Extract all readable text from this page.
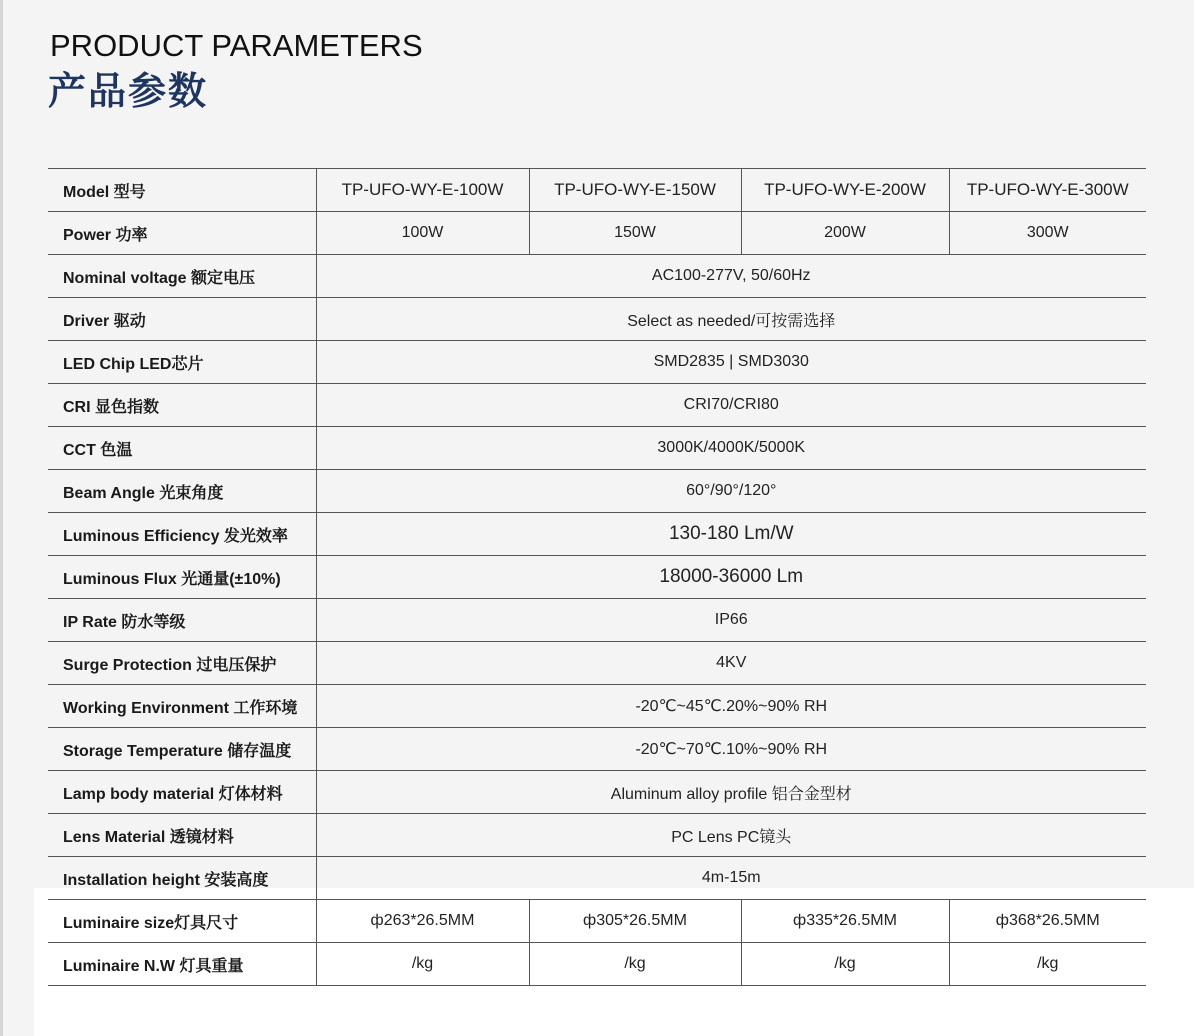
PRODUCT PARAMETERS
产品参数
Model 型号	TP-UFO-WY-E-100W	TP-UFO-WY-E-150W	TP-UFO-WY-E-200W	TP-UFO-WY-E-300W
Power 功率	100W	150W	200W	300W
Nominal voltage 额定电压	AC100-277V, 50/60Hz			
Driver 驱动	Select as needed/可按需选择			
LED Chip LED芯片	SMD2835 | SMD3030			
CRI 显色指数	CRI70/CRI80			
CCT 色温	3000K/4000K/5000K			
Beam Angle 光束角度	60°/90°/120°			
Luminous Efficiency 发光效率	130-180 Lm/W			
Luminous Flux 光通量(±10%)	18000-36000 Lm			
IP Rate 防水等级	IP66			
Surge Protection 过电压保护	4KV			
Working Environment 工作环境	-20℃~45℃.20%~90% RH			
Storage Temperature 储存温度	-20℃~70℃.10%~90% RH			
Lamp body material 灯体材料	Aluminum alloy profile 铝合金型材			
Lens Material 透镜材料	PC Lens PC镜头			
Installation height 安装高度	4m-15m			
Luminaire size灯具尺寸	ф263*26.5MM	ф305*26.5MM	ф335*26.5MM	ф368*26.5MM
Luminaire N.W 灯具重量	/kg	/kg	/kg	/kg
